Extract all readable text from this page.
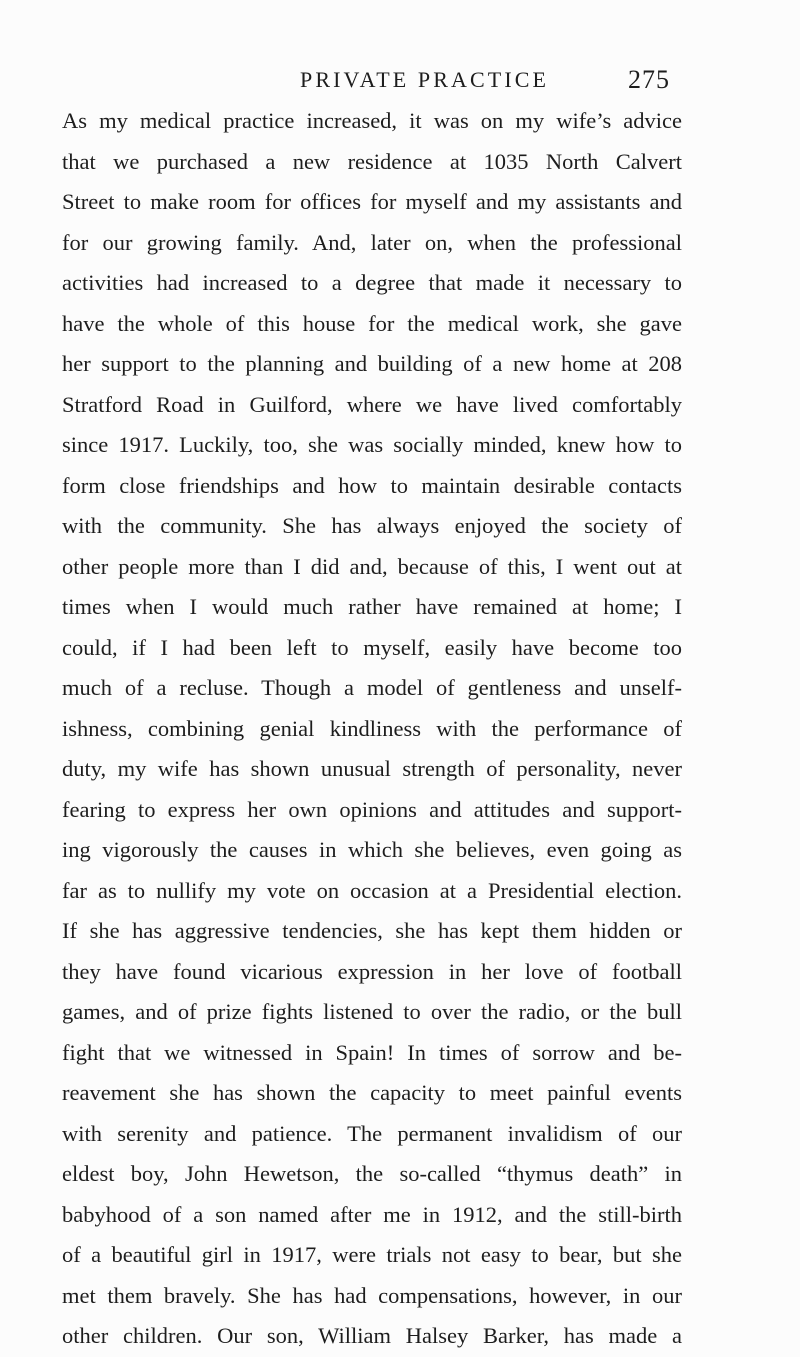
PRIVATE PRACTICE	275
As my medical practice increased, it was on my wife’s advice
that we purchased a new residence at 1035 North Calvert
Street to make room for offices for myself and my assistants and
for our growing family. And, later on, when the professional
activities had increased to a degree that made it necessary to
have the whole of this house for the medical work, she gave
her support to the planning and building of a new home at 208
Stratford Road in Guilford, where we have lived comfortably
since 1917. Luckily, too, she was socially minded, knew how to
form close friendships and how to maintain desirable contacts
with the community. She has always enjoyed the society of
other people more than I did and, because of this, I went out at
times when I would much rather have remained at home; I
could, if I had been left to myself, easily have become too
much of a recluse. Though a model of gentleness and unself-
ishness, combining genial kindliness with the performance of
duty, my wife has shown unusual strength of personality, never
fearing to express her own opinions and attitudes and support-
ing vigorously the causes in which she believes, even going as
far as to nullify my vote on occasion at a Presidential election.
If she has aggressive tendencies, she has kept them hidden or
they have found vicarious expression in her love of football
games, and of prize fights listened to over the radio, or the bull
fight that we witnessed in Spain! In times of sorrow and be-
reavement she has shown the capacity to meet painful events
with serenity and patience. The permanent invalidism of our
eldest boy, John Hewetson, the so-called “thymus death” in
babyhood of a son named after me in 1912, and the still-birth
of a beautiful girl in 1917, were trials not easy to bear, but she
met them bravely. She has had compensations, however, in our
other children. Our son, William Halsey Barker, has made a
